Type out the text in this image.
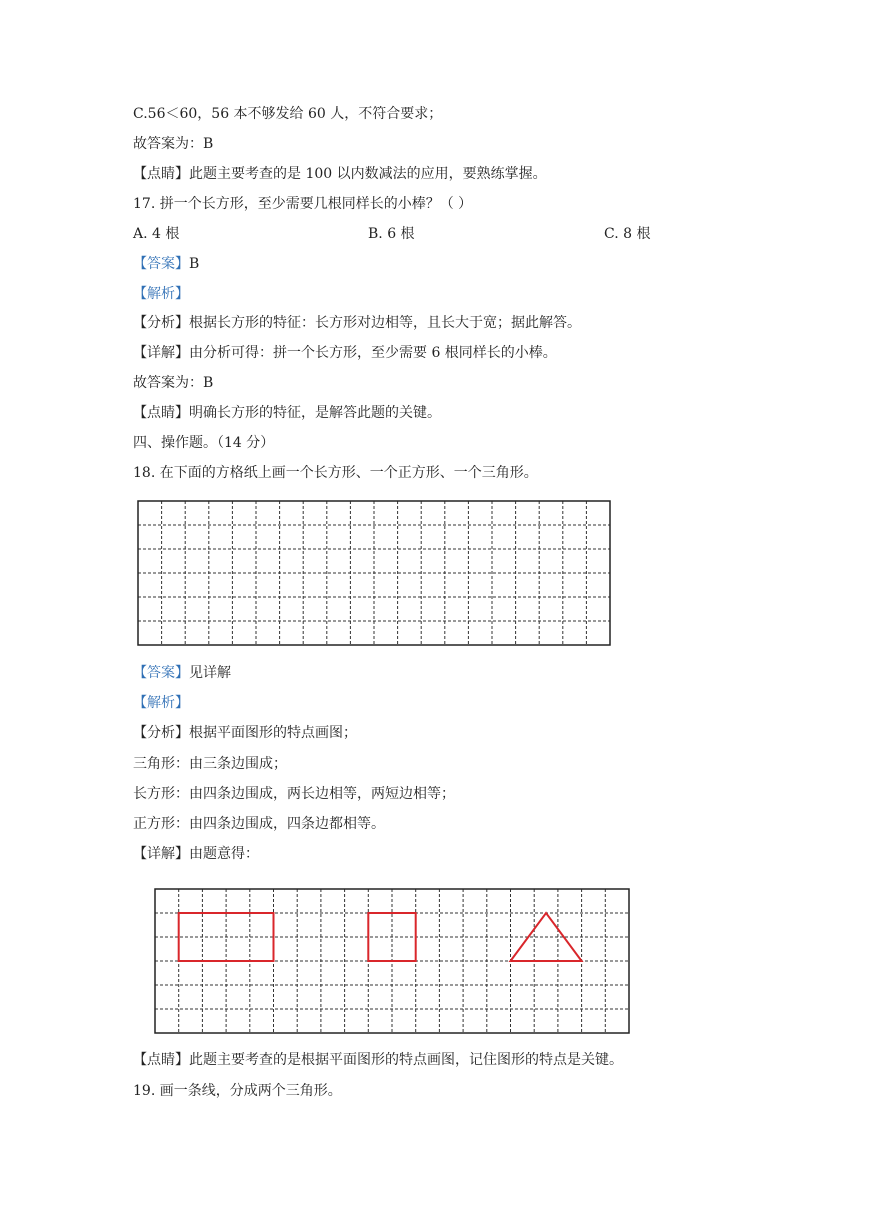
C.56＜60，56 本不够发给 60 人，不符合要求；
故答案为：B
【点睛】此题主要考查的是 100 以内数减法的应用，要熟练掌握。
17. 拼一个长方形，至少需要几根同样长的小棒？（ ）
A. 4 根	B. 6 根	C. 8 根
【答案】B
【解析】
【分析】根据长方形的特征：长方形对边相等，且长大于宽；据此解答。
【详解】由分析可得：拼一个长方形，至少需要 6 根同样长的小棒。
故答案为：B
【点睛】明确长方形的特征，是解答此题的关键。
四、操作题。（14 分）
18. 在下面的方格纸上画一个长方形、一个正方形、一个三角形。
【答案】见详解
【解析】
【分析】根据平面图形的特点画图；
三角形：由三条边围成；
长方形：由四条边围成，两长边相等，两短边相等；
正方形：由四条边围成，四条边都相等。
【详解】由题意得：
【点睛】此题主要考查的是根据平面图形的特点画图，记住图形的特点是关键。
19. 画一条线，分成两个三角形。
